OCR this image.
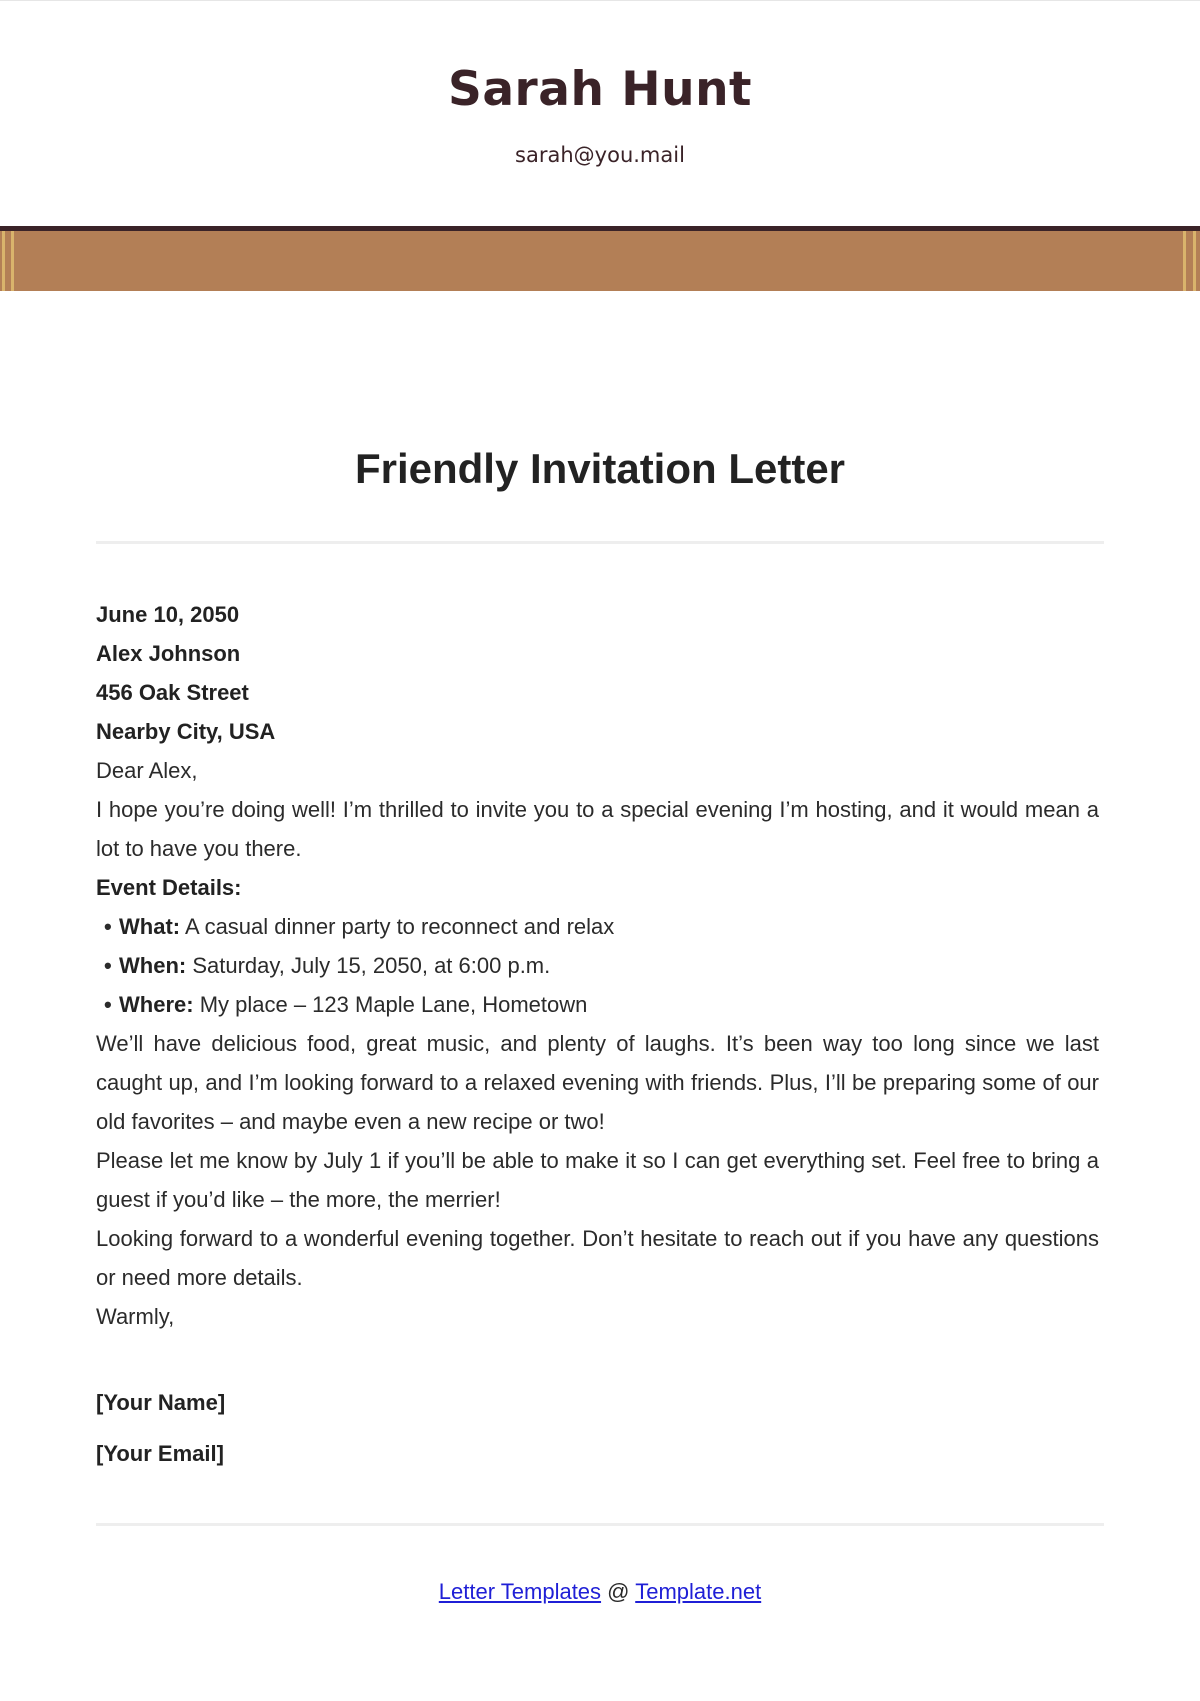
Sarah Hunt
sarah@you.mail
Friendly Invitation Letter
June 10, 2050
Alex Johnson
456 Oak Street
Nearby City, USA
Dear Alex,
I hope you’re doing well! I’m thrilled to invite you to a special evening I’m hosting, and it would mean a lot to have you there.
Event Details:
• What: A casual dinner party to reconnect and relax
• When: Saturday, July 15, 2050, at 6:00 p.m.
• Where: My place – 123 Maple Lane, Hometown
We’ll have delicious food, great music, and plenty of laughs. It’s been way too long since we last caught up, and I’m looking forward to a relaxed evening with friends. Plus, I’ll be preparing some of our old favorites – and maybe even a new recipe or two!
Please let me know by July 1 if you’ll be able to make it so I can get everything set. Feel free to bring a guest if you’d like – the more, the merrier!
Looking forward to a wonderful evening together. Don’t hesitate to reach out if you have any questions or need more details.
Warmly,
[Your Name]
[Your Email]
Letter Templates @ Template.net
